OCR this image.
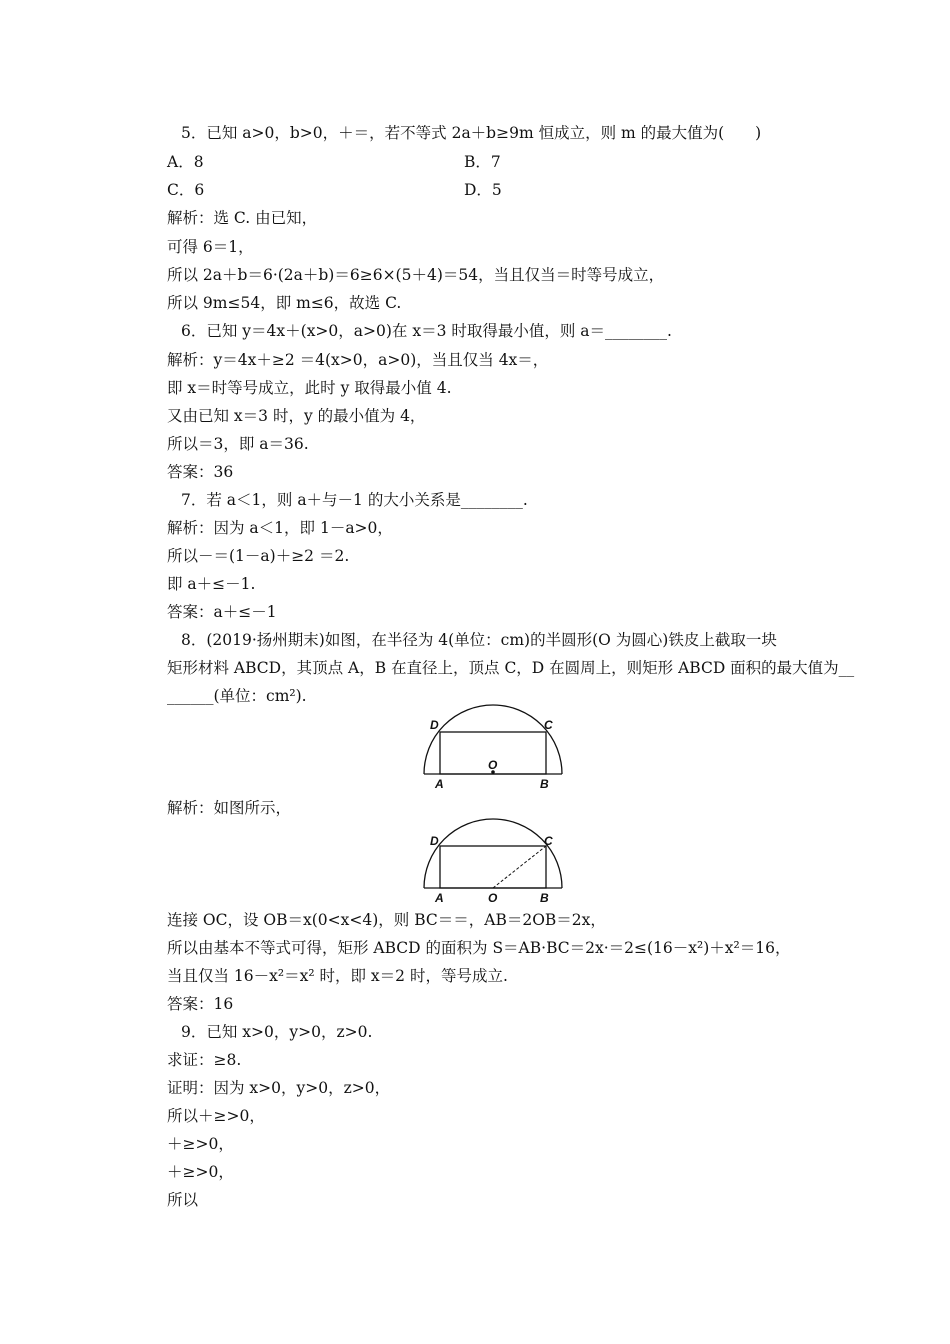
5．已知 a>0，b>0，＋＝，若不等式 2a＋b≥9m 恒成立，则 m 的最大值为(　　)
A．8	B．7
C．6	D．5
解析：选 C. 由已知，
可得 6＝1，
所以 2a＋b＝6·(2a＋b)＝6≥6×(5＋4)＝54，当且仅当＝时等号成立，
所以 9m≤54，即 m≤6，故选 C.
6．已知 y＝4x＋(x>0，a>0)在 x＝3 时取得最小值，则 a＝________.
解析：y＝4x＋≥2 ＝4(x>0，a>0)，当且仅当 4x＝，
即 x＝时等号成立，此时 y 取得最小值 4.
又由已知 x＝3 时，y 的最小值为 4，
所以＝3，即 a＝36.
答案：36
7．若 a＜1，则 a＋与－1 的大小关系是________.
解析：因为 a＜1，即 1－a>0，
所以－＝(1－a)＋≥2 ＝2.
即 a＋≤－1.
答案：a＋≤－1
8．(2019·扬州期末)如图，在半径为 4(单位：cm)的半圆形(O 为圆心)铁皮上截取一块
矩形材料 ABCD，其顶点 A，B 在直径上，顶点 C，D 在圆周上，则矩形 ABCD 面积的最大值为__
______(单位：cm²).
解析：如图所示，
连接 OC，设 OB＝x(0<x<4)，则 BC＝＝，AB＝2OB＝2x，
所以由基本不等式可得，矩形 ABCD 的面积为 S＝AB·BC＝2x·＝2≤(16－x²)＋x²＝16，
当且仅当 16－x²＝x² 时，即 x＝2 时，等号成立.
答案：16
9．已知 x>0，y>0，z>0.
求证：≥8.
证明：因为 x>0，y>0，z>0，
所以＋≥>0，
＋≥>0，
＋≥>0，
所以
D	C
O
A	B
D	C
A	O	B
